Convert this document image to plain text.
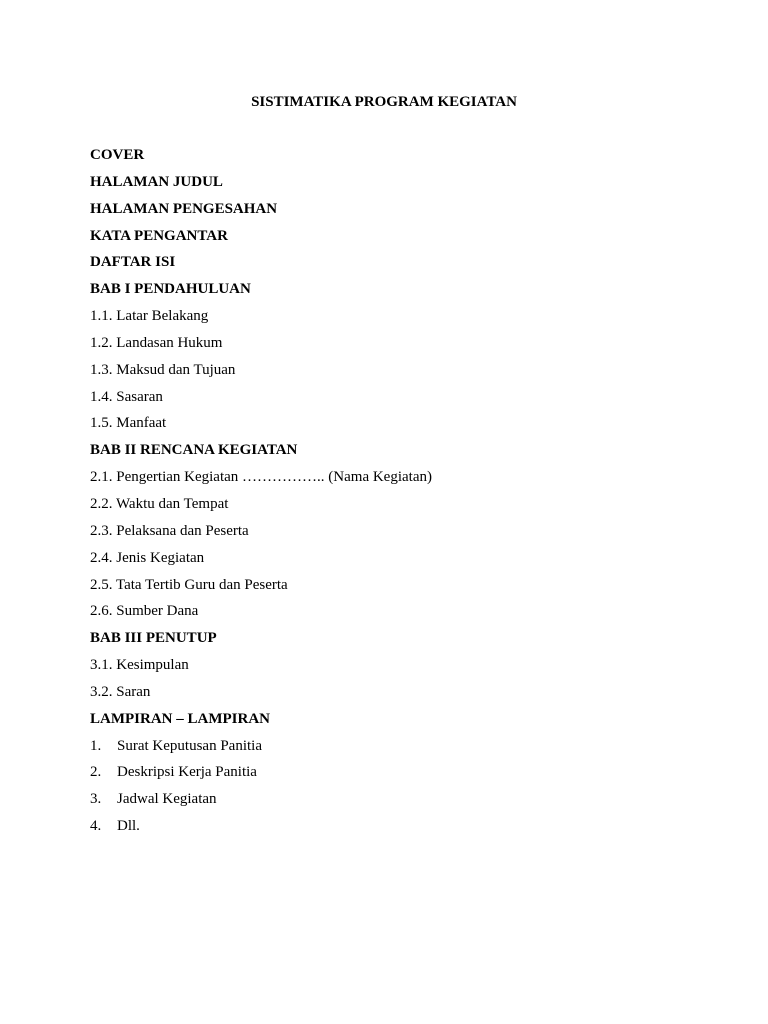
SISTIMATIKA PROGRAM KEGIATAN
COVER
HALAMAN JUDUL
HALAMAN PENGESAHAN
KATA PENGANTAR
DAFTAR ISI
BAB I PENDAHULUAN
1.1. Latar Belakang
1.2. Landasan Hukum
1.3. Maksud dan Tujuan
1.4. Sasaran
1.5. Manfaat
BAB II RENCANA KEGIATAN
2.1. Pengertian Kegiatan …………….. (Nama Kegiatan)
2.2. Waktu dan Tempat
2.3. Pelaksana dan Peserta
2.4. Jenis Kegiatan
2.5. Tata Tertib Guru dan Peserta
2.6. Sumber Dana
BAB III PENUTUP
3.1. Kesimpulan
3.2. Saran
LAMPIRAN – LAMPIRAN
1. Surat Keputusan Panitia
2. Deskripsi Kerja Panitia
3. Jadwal Kegiatan
4. Dll.
